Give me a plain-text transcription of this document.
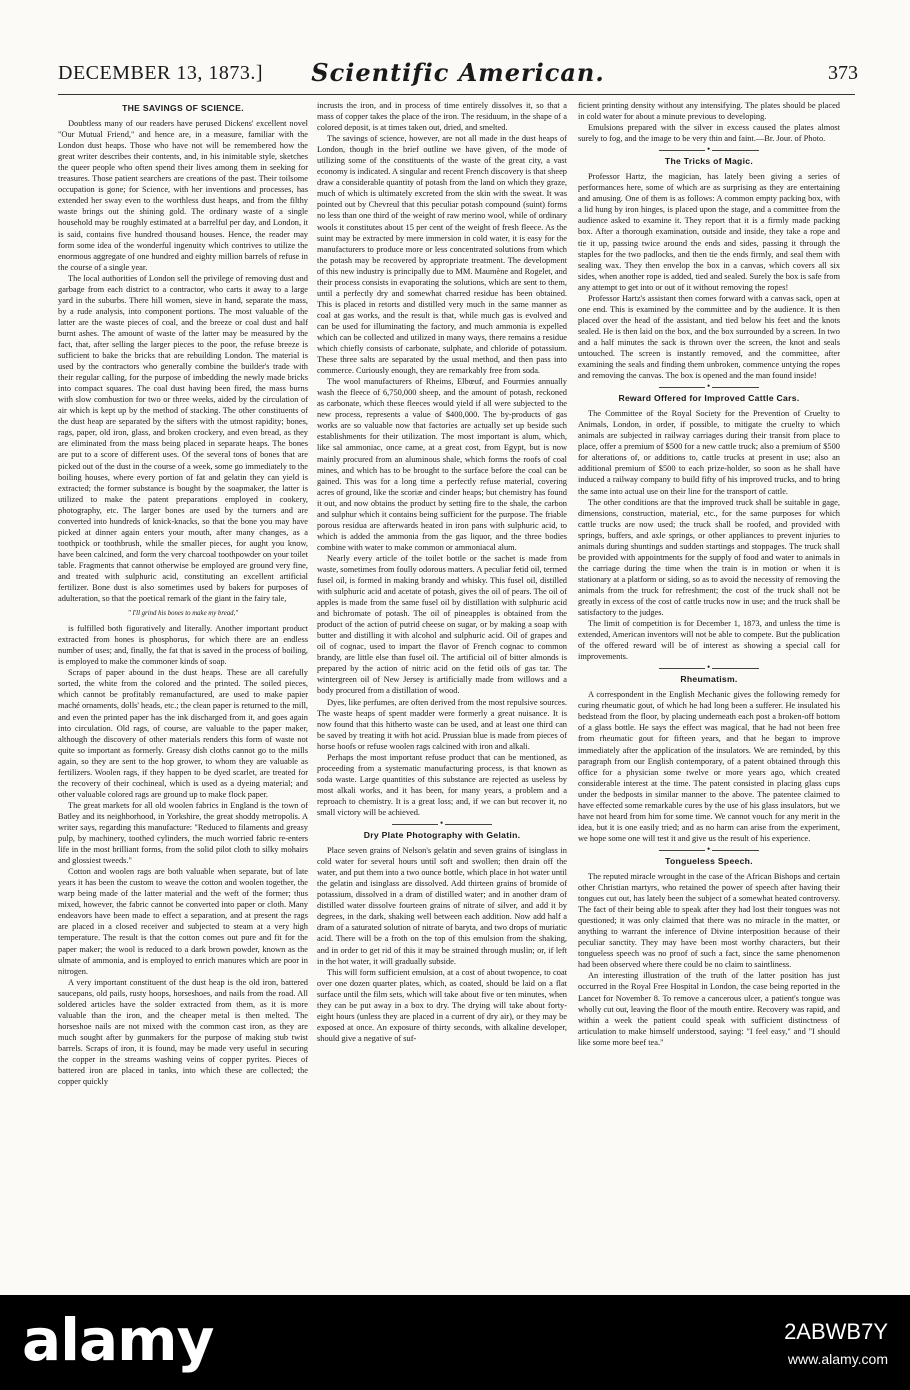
DECEMBER 13, 1873.]	Scientific American.	373
THE SAVINGS OF SCIENCE.

Doubtless many of our readers have perused Dickens' excellent novel "Our Mutual Friend," and hence are, in a measure, familiar with the London dust heaps. Those who have not will be remembered how the great writer describes their contents, and, in his inimitable style, sketches the queer people who often spend their lives among them in seeking for treasures. Those patient searchers are creations of the past. Their toilsome occupation is gone; for Science, with her inventions and processes, has extended her sway even to the worthless dust heaps, and from the filthy waste brings out the shining gold. The ordinary waste of a single household may be roughly estimated at a barrelful per day, and London, it is said, contains five hundred thousand houses. Hence, the reader may form some idea of the wonderful ingenuity which contrives to utilize the enormous aggregate of one hundred and eighty million barrels of refuse in the course of a single year.

The local authorities of London sell the privilege of removing dust and garbage from each district to a contractor, who carts it away to a large yard in the suburbs. There hill women, sieve in hand, separate the mass, by a rude analysis, into component portions. The most valuable of the latter are the waste pieces of coal, and the breeze or coal dust and half burnt ashes. The amount of waste of the latter may be measured by the fact, that, after selling the larger pieces to the poor, the refuse breeze is sufficient to bake the bricks that are rebuilding London. The material is used by the contractors who generally combine the builder's trade with their regular calling, for the purpose of imbedding the newly made bricks into compact squares. The coal dust having been fired, the mass burns with slow combustion for two or three weeks, aided by the circulation of air which is kept up by the method of stacking. The other constituents of the dust heap are separated by the sifters with the utmost rapidity; bones, rags, paper, old iron, glass, and broken crockery, and even bread, as they are eliminated from the mass being placed in separate heaps. The bones are put to a score of different uses. Of the several tons of bones that are picked out of the dust in the course of a week, some go immediately to the boiling houses, where every portion of fat and gelatin they can yield is extracted; the former substance is bought by the soapmaker, the latter is utilized to make the patent preparations employed in cookery, photography, etc. The larger bones are used by the turners and are converted into hundreds of knick-knacks, so that the bone you may have picked at dinner again enters your mouth, after many changes, as a toothpick or toothbrush, while the smaller pieces, for aught you know, have been calcined, and form the very charcoal toothpowder on your toilet table. Fragments that cannot otherwise be employed are ground very fine, and treated with sulphuric acid, constituting an excellent artificial fertilizer. Bone dust is also sometimes used by bakers for purposes of adulteration, so that the poetical remark of the giant in the fairy tale,

" I'll grind his bones to make my bread,"

is fulfilled both figuratively and literally. Another important product extracted from bones is phosphorus, for which there are an endless number of uses; and, finally, the fat that is saved in the process of boiling, is employed to make the commoner kinds of soap.

Scraps of paper abound in the dust heaps. These are all carefully sorted, the white from the colored and the printed. The soiled pieces, which cannot be profitably remanufactured, are used to make papier maché ornaments, dolls' heads, etc.; the clean paper is returned to the mill, and even the printed paper has the ink discharged from it, and goes again into circulation. Old rags, of course, are valuable to the paper maker, although the discovery of other materials renders this form of waste not quite so important as formerly. Greasy dish cloths cannot go to the mills again, so they are sent to the hop grower, to whom they are valuable as fertilizers. Woolen rags, if they happen to be dyed scarlet, are treated for the recovery of their cochineal, which is used as a dyeing material; and other valuable colored rags are ground up to make flock paper.

The great markets for all old woolen fabrics in England is the town of Batley and its neighborhood, in Yorkshire, the great shoddy metropolis. A writer says, regarding this manufacture: "Reduced to filaments and greasy pulp, by machinery, toothed cylinders, the much worried fabric re-enters life in the most brilliant forms, from the solid pilot cloth to silky mohairs and glossiest tweeds."

Cotton and woolen rags are both valuable when separate, but of late years it has been the custom to weave the cotton and woolen together, the warp being made of the latter material and the weft of the former; thus mixed, however, the fabric cannot be converted into paper or cloth. Many endeavors have been made to effect a separation, and at present the rags are placed in a closed receiver and subjected to steam at a very high temperature. The result is that the cotton comes out pure and fit for the paper maker; the wool is reduced to a dark brown powder, known as the ulmate of ammonia, and is employed to enrich manures which are poor in nitrogen.

A very important constituent of the dust heap is the old iron, battered saucepans, old pails, rusty hoops, horseshoes, and nails from the road. All soldered articles have the solder extracted from them, as it is more valuable than the iron, and the cheaper metal is then melted. The horseshoe nails are not mixed with the common cast iron, as they are much sought after by gunmakers for the purpose of making stub twist barrels. Scraps of iron, it is found, may be made very useful in securing the copper in the streams washing veins of copper pyrites. Pieces of battered iron are placed in tanks, into which these are collected; the copper quickly

incrusts the iron, and in process of time entirely dissolves it, so that a mass of copper takes the place of the iron. The residuum, in the shape of a colored deposit, is at times taken out, dried, and smelted.

The savings of science, however, are not all made in the dust heaps of London, though in the brief outline we have given, of the mode of utilizing some of the constituents of the waste of the great city, a vast economy is indicated. A singular and recent French discovery is that sheep draw a considerable quantity of potash from the land on which they graze, much of which is ultimately excreted from the skin with the sweat. It was pointed out by Chevreul that this peculiar potash compound (suint) forms no less than one third of the weight of raw merino wool, while of ordinary wools it constitutes about 15 per cent of the weight of fresh fleece. As the suint may be extracted by mere immersion in cold water, it is easy for the manufacturers to produce more or less concentrated solutions from which the potash may be recovered by appropriate treatment. The development of this new industry is principally due to MM. Maumène and Rogelet, and their process consists in evaporating the solutions, which are sent to them, until a perfectly dry and somewhat charred residue has been obtained. This is placed in retorts and distilled very much in the same manner as coal at gas works, and the result is that, while much gas is evolved and can be used for illuminating the factory, and much ammonia is expelled which can be collected and utilized in many ways, there remains a residue which chiefly consists of carbonate, sulphate, and chloride of potassium. These three salts are separated by the usual method, and then pass into commerce. Curiously enough, they are remarkably free from soda.

The wool manufacturers of Rheims, Elbœuf, and Fourmies annually wash the fleece of 6,750,000 sheep, and the amount of potash, reckoned as carbonate, which these fleeces would yield if all were subjected to the new process, represents a value of $400,000. The by-products of gas works are so valuable now that factories are actually set up beside such establishments for their utilization. The most important is alum, which, like sal ammoniac, once came, at a great cost, from Egypt, but is now mainly procured from an aluminous shale, which forms the roofs of coal mines, and which has to be brought to the surface before the coal can be gained. This was for a long time a perfectly refuse material, covering acres of ground, like the scoriæ and cinder heaps; but chemistry has found it out, and now obtains the product by setting fire to the shale, the carbon and sulphur which it contains being sufficient for the purpose. The friable porous residua are afterwards heated in iron pans with sulphuric acid, to which is added the ammonia from the gas liquor, and the three bodies combine with water to make common or ammoniacal alum.

Nearly every article of the toilet bottle or the sachet is made from waste, sometimes from foully odorous matters. A peculiar fetid oil, termed fusel oil, is formed in making brandy and whisky. This fusel oil, distilled with sulphuric acid and acetate of potash, gives the oil of pears. The oil of apples is made from the same fusel oil by distillation with sulphuric acid and bichromate of potash. The oil of pineapples is obtained from the product of the action of putrid cheese on sugar, or by making a soap with butter and distilling it with alcohol and sulphuric acid. Oil of grapes and oil of cognac, used to impart the flavor of French cognac to common brandy, are little else than fusel oil. The artificial oil of bitter almonds is prepared by the action of nitric acid on the fetid oils of gas tar. The wintergreen oil of New Jersey is artificially made from willows and a body procured from a distillation of wood.

Dyes, like perfumes, are often derived from the most repulsive sources. The waste heaps of spent madder were formerly a great nuisance. It is now found that this hitherto waste can be used, and at least one third can be saved by treating it with hot acid. Prussian blue is made from pieces of horse hoofs or refuse woolen rags calcined with iron and alkali.

Perhaps the most important refuse product that can be mentioned, as proceeding from a systematic manufacturing process, is that known as soda waste. Large quantities of this substance are rejected as useless by most alkali works, and it has been, for many years, a problem and a reproach to chemistry. It is a great loss; and, if we can but recover it, no small victory will be achieved.

•
Dry Plate Photography with Gelatin.

Place seven grains of Nelson's gelatin and seven grains of isinglass in cold water for several hours until soft and swollen; then drain off the water, and put them into a two ounce bottle, which place in hot water until the gelatin and isinglass are dissolved. Add thirteen grains of bromide of potassium, dissolved in a dram of distilled water; and in another dram of distilled water dissolve fourteen grains of nitrate of silver, and add it by degrees, in the dark, shaking well between each addition. Now add half a dram of a saturated solution of nitrate of baryta, and two drops of muriatic acid. There will be a froth on the top of this emulsion from the shaking, and in order to get rid of this it may be strained through muslin; or, if left in the hot water, it will gradually subside.

This will form sufficient emulsion, at a cost of about twopence, to coat over one dozen quarter plates, which, as coated, should be laid on a flat surface until the film sets, which will take about five or ten minutes, when they can be put away in a box to dry. The drying will take about forty-eight hours (unless they are placed in a current of dry air), or they may be exposed at once. An exposure of thirty seconds, with alkaline developer, should give a negative of suf-

ficient printing density without any intensifying. The plates should be placed in cold water for about a minute previous to developing.

Emulsions prepared with the silver in excess caused the plates almost surely to fog, and the image to be very thin and faint.—Br. Jour. of Photo.

•
The Tricks of Magic.

Professor Hartz, the magician, has lately been giving a series of performances here, some of which are as surprising as they are entertaining and amusing. One of them is as follows: A common empty packing box, with a lid hung by iron hinges, is placed upon the stage, and a committee from the audience asked to examine it. They report that it is a firmly made packing box. After a thorough examination, outside and inside, they take a rope and tie it up, passing twice around the ends and sides, passing it through the staples for the two padlocks, and then tie the ends firmly, and seal them with sealing wax. They then envelop the box in a canvas, which covers all six sides, when another rope is added, tied and sealed. Surely the box is safe from any attempt to get into or out of it without removing the ropes!

Professor Hartz's assistant then comes forward with a canvas sack, open at one end. This is examined by the committee and by the audience. It is then placed over the head of the assistant, and tied below his feet and the knots sealed. He is then laid on the box, and the box surrounded by a screen. In two and a half minutes the sack is thrown over the screen, the knot and seals untouched. The screen is instantly removed, and the committee, after examining the seals and finding them unbroken, commence untying the ropes and removing the canvas. The box is opened and the man found inside!

•
Reward Offered for Improved Cattle Cars.

The Committee of the Royal Society for the Prevention of Cruelty to Animals, London, in order, if possible, to mitigate the cruelty to which animals are subjected in railway carriages during their transit from place to place, offer a premium of $500 for a new cattle truck; also a premium of $500 for alterations of, or additions to, cattle trucks at present in use; also an additional premium of $500 to each prize-holder, so soon as he shall have induced a railway company to build fifty of his improved trucks, and to bring the same into actual use on their line for the transport of cattle.

The other conditions are that the improved truck shall be suitable in gage, dimensions, construction, material, etc., for the same purposes for which cattle trucks are now used; the truck shall be roofed, and provided with springs, buffers, and axle springs, or other appliances to prevent injuries to animals during shuntings and sudden startings and stoppages. The truck shall be provided with appointments for the supply of food and water to animals in the carriage during the time when the train is in motion or when it is stationary at a platform or siding, so as to avoid the necessity of removing the animals from the truck for refreshment; the cost of the truck shall not be greatly in excess of the cost of cattle trucks now in use; and the truck shall be satisfactory to the judges.

The limit of competition is for December 1, 1873, and unless the time is extended, American inventors will not be able to compete. But the publication of the offered reward will be of interest as showing a special call for improvements.

•
Rheumatism.

A correspondent in the English Mechanic gives the following remedy for curing rheumatic gout, of which he had long been a sufferer. He insulated his bedstead from the floor, by placing underneath each post a broken-off bottom of a glass bottle. He says the effect was magical, that he had not been free from rheumatic gout for fifteen years, and that he began to improve immediately after the application of the insulators. We are reminded, by this paragraph from our English contemporary, of a patent obtained through this office for a physician some twelve or more years ago, which created considerable interest at the time. The patent consisted in placing glass cups under the bedposts in similar manner to the above. The patentee claimed to have effected some remarkable cures by the use of his glass insulators, but we have not heard from him for some time. We cannot vouch for any merit in the idea, but it is one easily tried; and as no harm can arise from the experiment, we hope some one will test it and give us the result of his experience.

•
Tongueless Speech.

The reputed miracle wrought in the case of the African Bishops and certain other Christian martyrs, who retained the power of speech after having their tongues cut out, has lately been the subject of a somewhat heated controversy. The fact of their being able to speak after they had lost their tongues was not questioned; it was only claimed that there was no miracle in the matter, or anything to warrant the inference of Divine interposition because of their peculiar sanctity. They may have been most worthy characters, but their tongueless speech was no proof of such a fact, since the same phenomenon had been observed where there could be no claim to saintliness.

An interesting illustration of the truth of the latter position has just occurred in the Royal Free Hospital in London, the case being reported in the Lancet for November 8. To remove a cancerous ulcer, a patient's tongue was wholly cut out, leaving the floor of the mouth entire. Recovery was rapid, and within a week the patient could speak with sufficient distinctness of articulation to make himself understood, saying: "I feel easy," and "I should like some more beef tea."

alamy	2ABWB7Y
www.alamy.com
